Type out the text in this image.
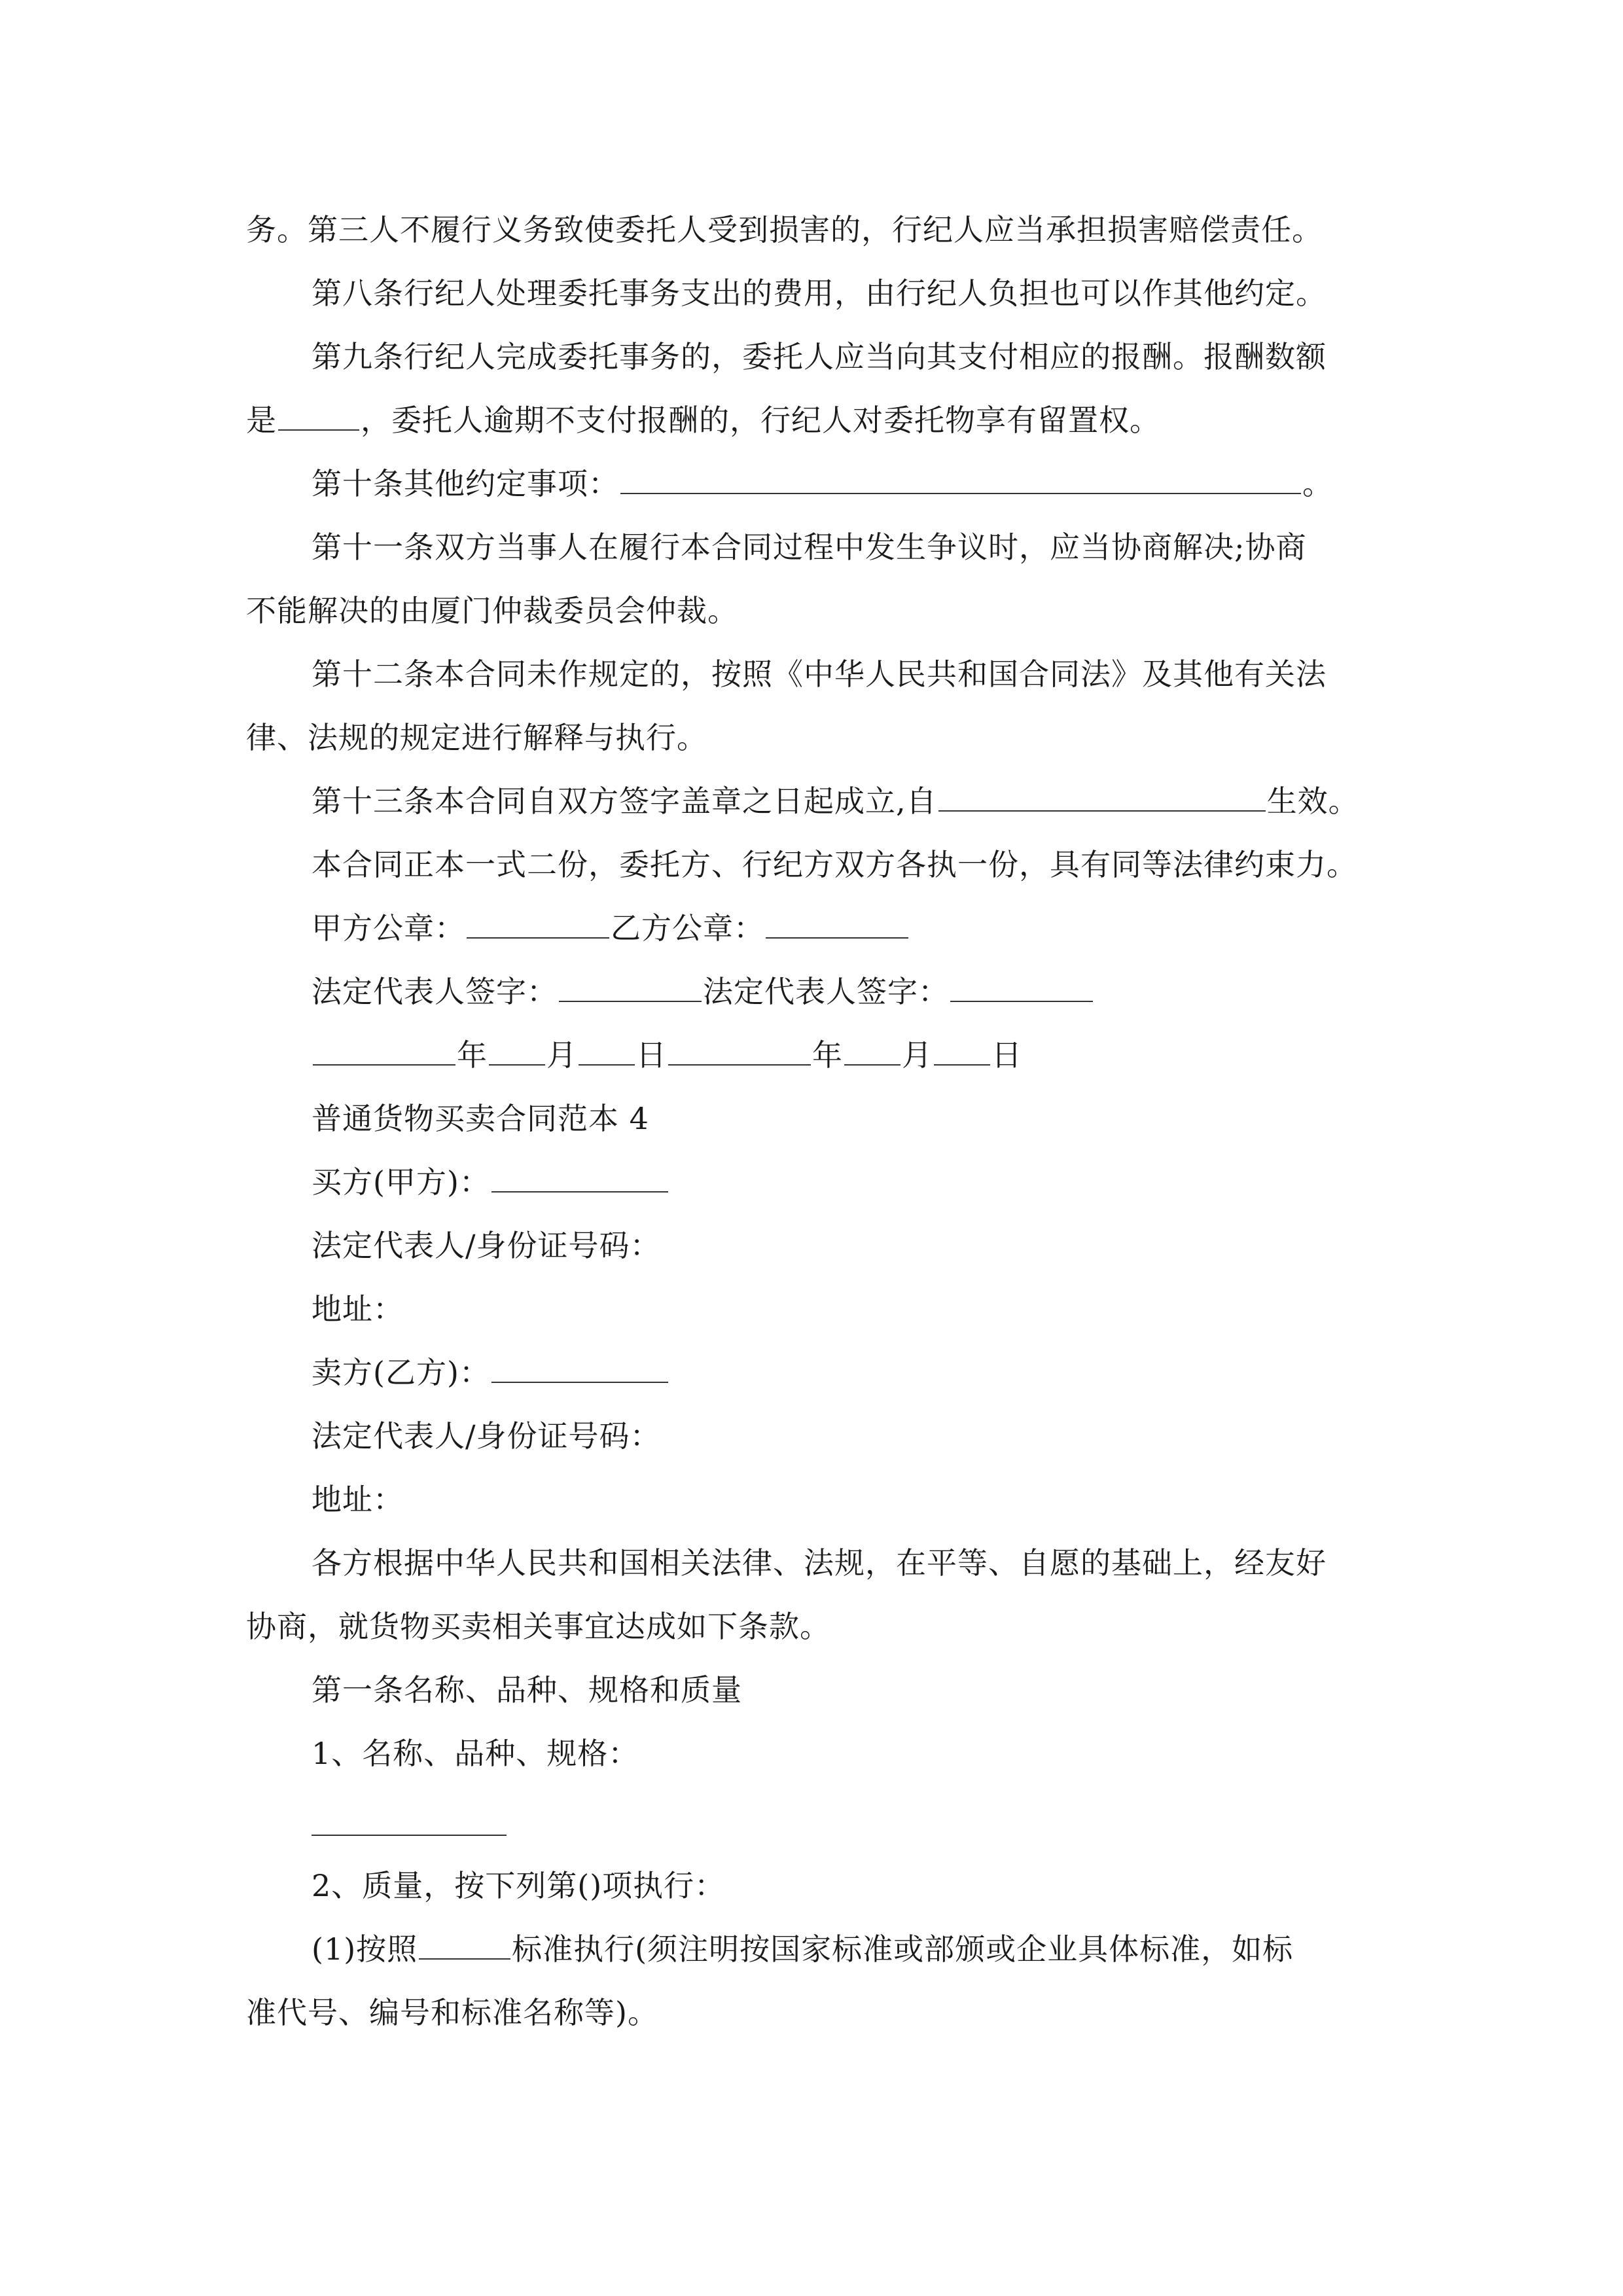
务。第三人不履行义务致使委托人受到损害的，行纪人应当承担损害赔偿责任。
第八条行纪人处理委托事务支出的费用，由行纪人负担也可以作其他约定。
第九条行纪人完成委托事务的，委托人应当向其支付相应的报酬。报酬数额
是	，委托人逾期不支付报酬的，行纪人对委托物享有留置权。
第十条其他约定事项：	。
第十一条双方当事人在履行本合同过程中发生争议时，应当协商解决;协商
不能解决的由厦门仲裁委员会仲裁。
第十二条本合同未作规定的，按照《中华人民共和国合同法》及其他有关法
律、法规的规定进行解释与执行。
第十三条本合同自双方签字盖章之日起成立,自	生效。
本合同正本一式二份，委托方、行纪方双方各执一份，具有同等法律约束力。
甲方公章：	乙方公章：
法定代表人签字：	法定代表人签字：
年 月 日	年 月 日
普通货物买卖合同范本 4
买方(甲方)：
法定代表人/身份证号码：
地址：
卖方(乙方)：
法定代表人/身份证号码：
地址：
各方根据中华人民共和国相关法律、法规，在平等、自愿的基础上，经友好
协商，就货物买卖相关事宜达成如下条款。
第一条名称、品种、规格和质量
1、名称、品种、规格：
2、质量，按下列第()项执行：
(1)按照	标准执行(须注明按国家标准或部颁或企业具体标准，如标
准代号、编号和标准名称等)。
